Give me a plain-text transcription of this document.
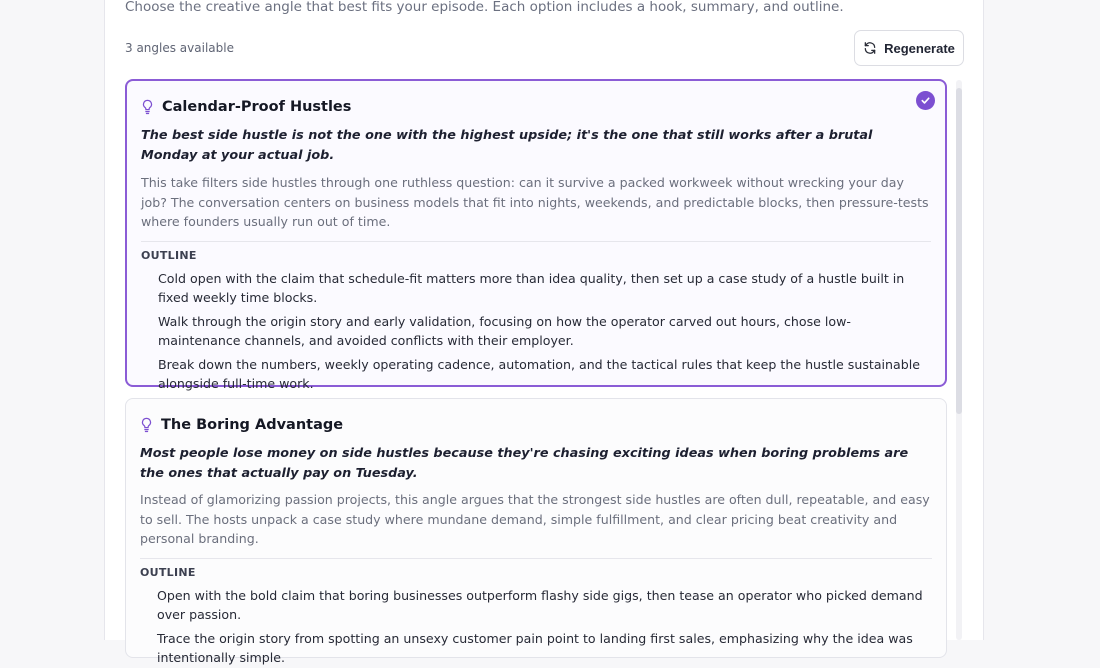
Choose the creative angle that best fits your episode. Each option includes a hook, summary, and outline.

3 angles available	Regenerate
Calendar-Proof Hustles

The best side hustle is not the one with the highest upside; it's the one that still works after a brutal Monday at your actual job.

This take filters side hustles through one ruthless question: can it survive a packed workweek without wrecking your day job? The conversation centers on business models that fit into nights, weekends, and predictable blocks, then pressure-tests where founders usually run out of time.

OUTLINE
Cold open with the claim that schedule-fit matters more than idea quality, then set up a case study of a hustle built in fixed weekly time blocks.
Walk through the origin story and early validation, focusing on how the operator carved out hours, chose low-maintenance channels, and avoided conflicts with their employer.
Break down the numbers, weekly operating cadence, automation, and the tactical rules that keep the hustle sustainable alongside full-time work.
The Boring Advantage

Most people lose money on side hustles because they're chasing exciting ideas when boring problems are the ones that actually pay on Tuesday.

Instead of glamorizing passion projects, this angle argues that the strongest side hustles are often dull, repeatable, and easy to sell. The hosts unpack a case study where mundane demand, simple fulfillment, and clear pricing beat creativity and personal branding.

OUTLINE
Open with the bold claim that boring businesses outperform flashy side gigs, then tease an operator who picked demand over passion.
Trace the origin story from spotting an unsexy customer pain point to landing first sales, emphasizing why the idea was intentionally simple.
